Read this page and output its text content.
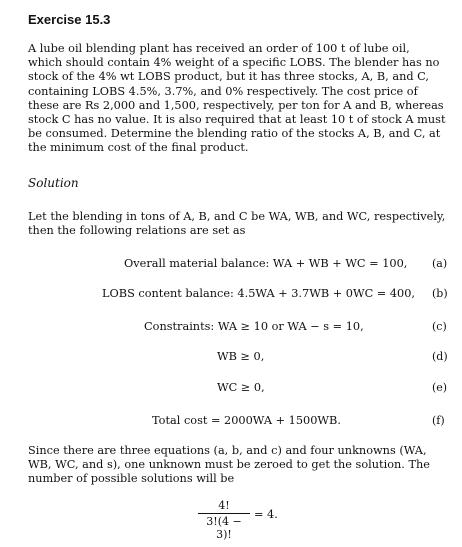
Exercise 15.3
A lube oil blending plant has received an order of 100 t of lube oil, which should contain 4% weight of a specific LOBS. The blender has no stock of the 4% wt LOBS product, but it has three stocks, A, B, and C, containing LOBS 4.5%, 3.7%, and 0% respectively. The cost price of these are Rs 2,000 and 1,500, respectively, per ton for A and B, whereas stock C has no value. It is also required that at least 10 t of stock A must be consumed. Determine the blending ratio of the stocks A, B, and C, at the minimum cost of the final product.
Solution
Let the blending in tons of A, B, and C be WA, WB, and WC, respectively, then the following relations are set as
Overall material balance: WA + WB + WC = 100, (a)
LOBS content balance: 4.5WA + 3.7WB + 0WC = 400, (b)
Constraints: WA ≥ 10 or WA − s = 10,	(c)
WB ≥ 0,	(d)
WC ≥ 0,	(e)
Total cost = 2000WA + 1500WB.	(f)
Since there are three equations (a, b, and c) and four unknowns (WA, WB, WC, and s), one unknown must be zeroed to get the solution. The number of possible solutions will be
4!
3!(4 − 3)!
= 4.
